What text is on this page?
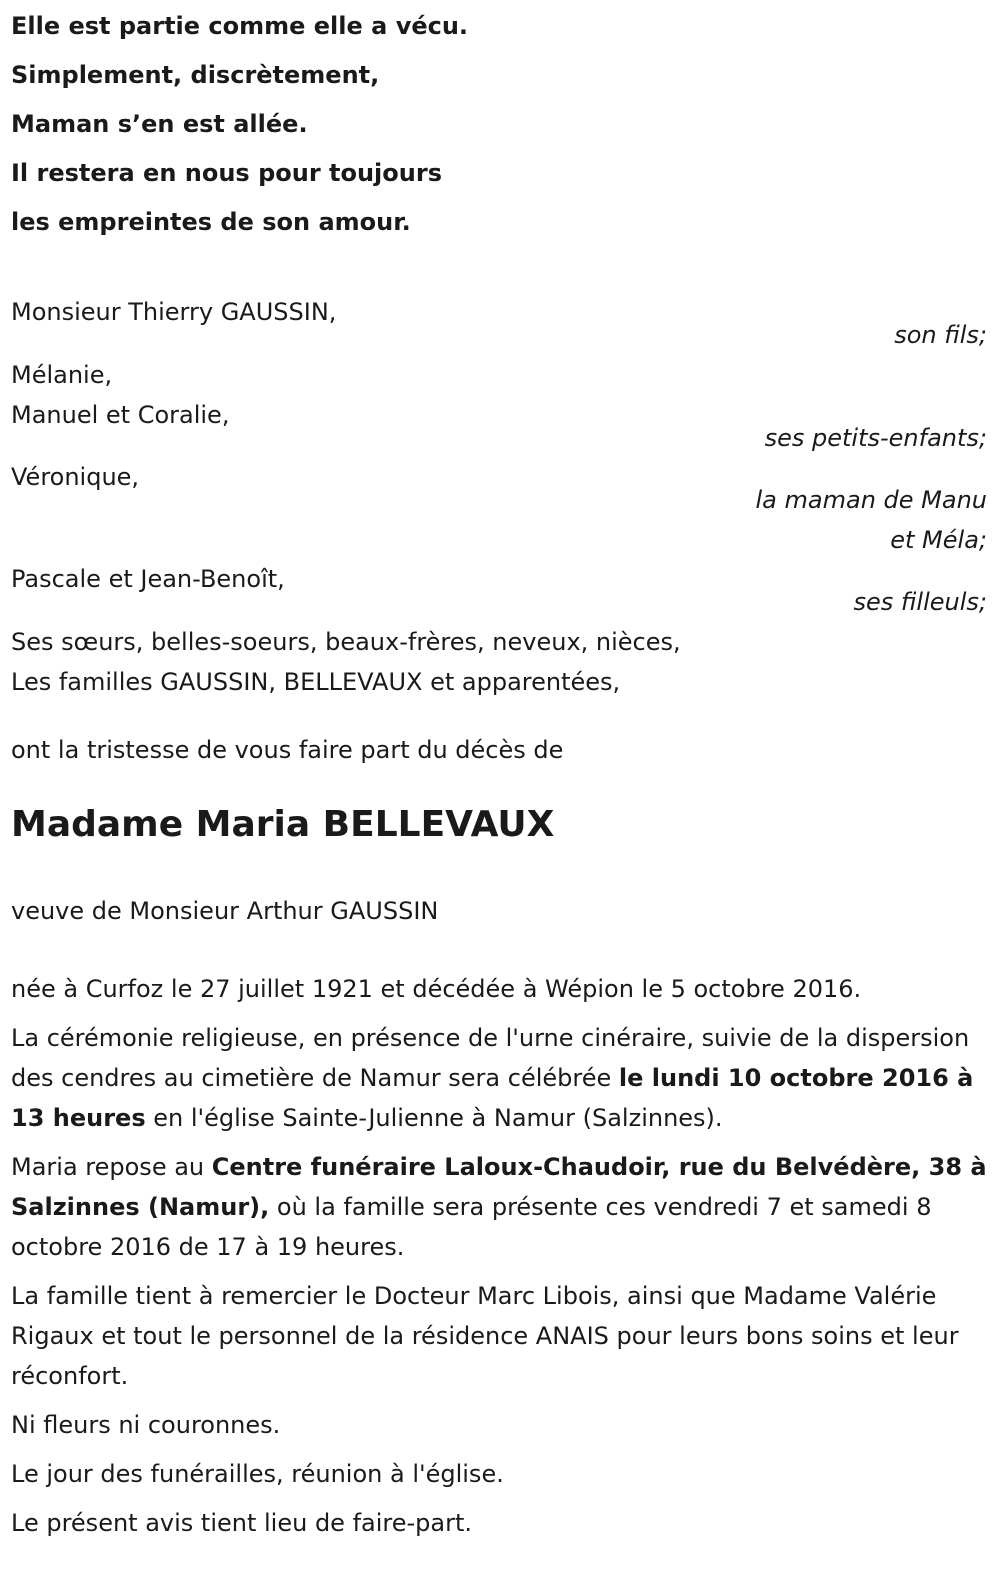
Elle est partie comme elle a vécu.
Simplement, discrètement,
Maman s’en est allée.
Il restera en nous pour toujours
les empreintes de son amour.
Monsieur Thierry GAUSSIN,
son fils;
Mélanie,
Manuel et Coralie,
ses petits-enfants;
Véronique,
la maman de Manu
et Méla;
Pascale et Jean-Benoît,
ses filleuls;
Ses sœurs, belles-soeurs, beaux-frères, neveux, nièces,
Les familles GAUSSIN, BELLEVAUX et apparentées,
ont la tristesse de vous faire part du décès de
Madame Maria BELLEVAUX
veuve de Monsieur Arthur GAUSSIN
née à Curfoz le 27 juillet 1921 et décédée à Wépion le 5 octobre 2016.
La cérémonie religieuse, en présence de l'urne cinéraire, suivie de la dispersion des cendres au cimetière de Namur sera célébrée le lundi 10 octobre 2016 à 13 heures en l'église Sainte-Julienne à Namur (Salzinnes).
Maria repose au Centre funéraire Laloux-Chaudoir, rue du Belvédère, 38 à Salzinnes (Namur), où la famille sera présente ces vendredi 7 et samedi 8 octobre 2016 de 17 à 19 heures.
La famille tient à remercier le Docteur Marc Libois, ainsi que Madame Valérie Rigaux et tout le personnel de la résidence ANAIS pour leurs bons soins et leur réconfort.
Ni fleurs ni couronnes.
Le jour des funérailles, réunion à l'église.
Le présent avis tient lieu de faire-part.
